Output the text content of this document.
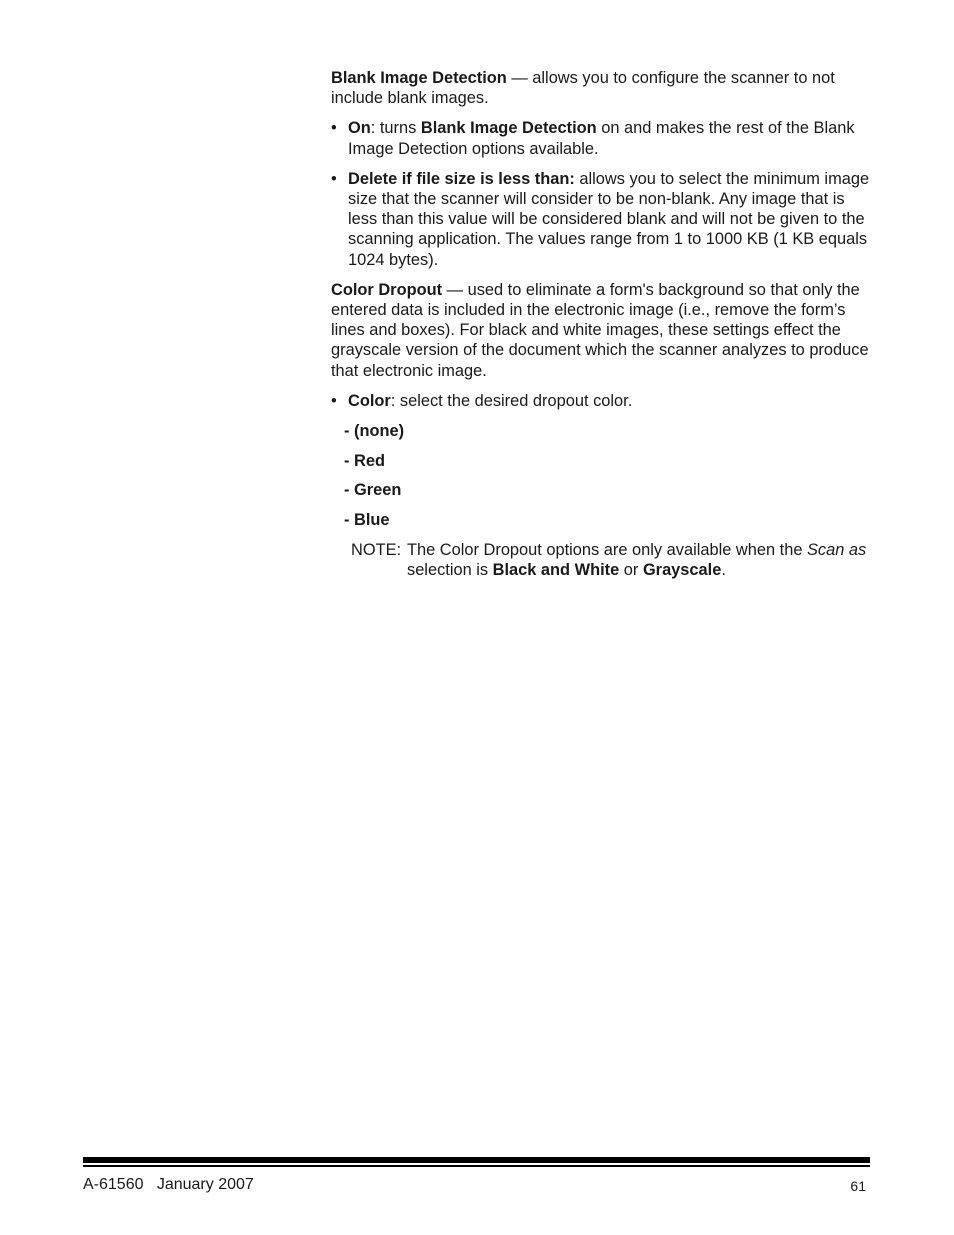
Blank Image Detection — allows you to configure the scanner to not include blank images.

• On: turns Blank Image Detection on and makes the rest of the Blank Image Detection options available.
• Delete if file size is less than: allows you to select the minimum image size that the scanner will consider to be non-blank. Any image that is less than this value will be considered blank and will not be given to the scanning application. The values range from 1 to 1000 KB (1 KB equals 1024 bytes).

Color Dropout — used to eliminate a form's background so that only the entered data is included in the electronic image (i.e., remove the form’s lines and boxes). For black and white images, these settings effect the grayscale version of the document which the scanner analyzes to produce that electronic image.

• Color: select the desired dropout color.
- (none)
- Red
- Green
- Blue
NOTE: The Color Dropout options are only available when the Scan as selection is Black and White or Grayscale.
A-61560   January 2007	61
